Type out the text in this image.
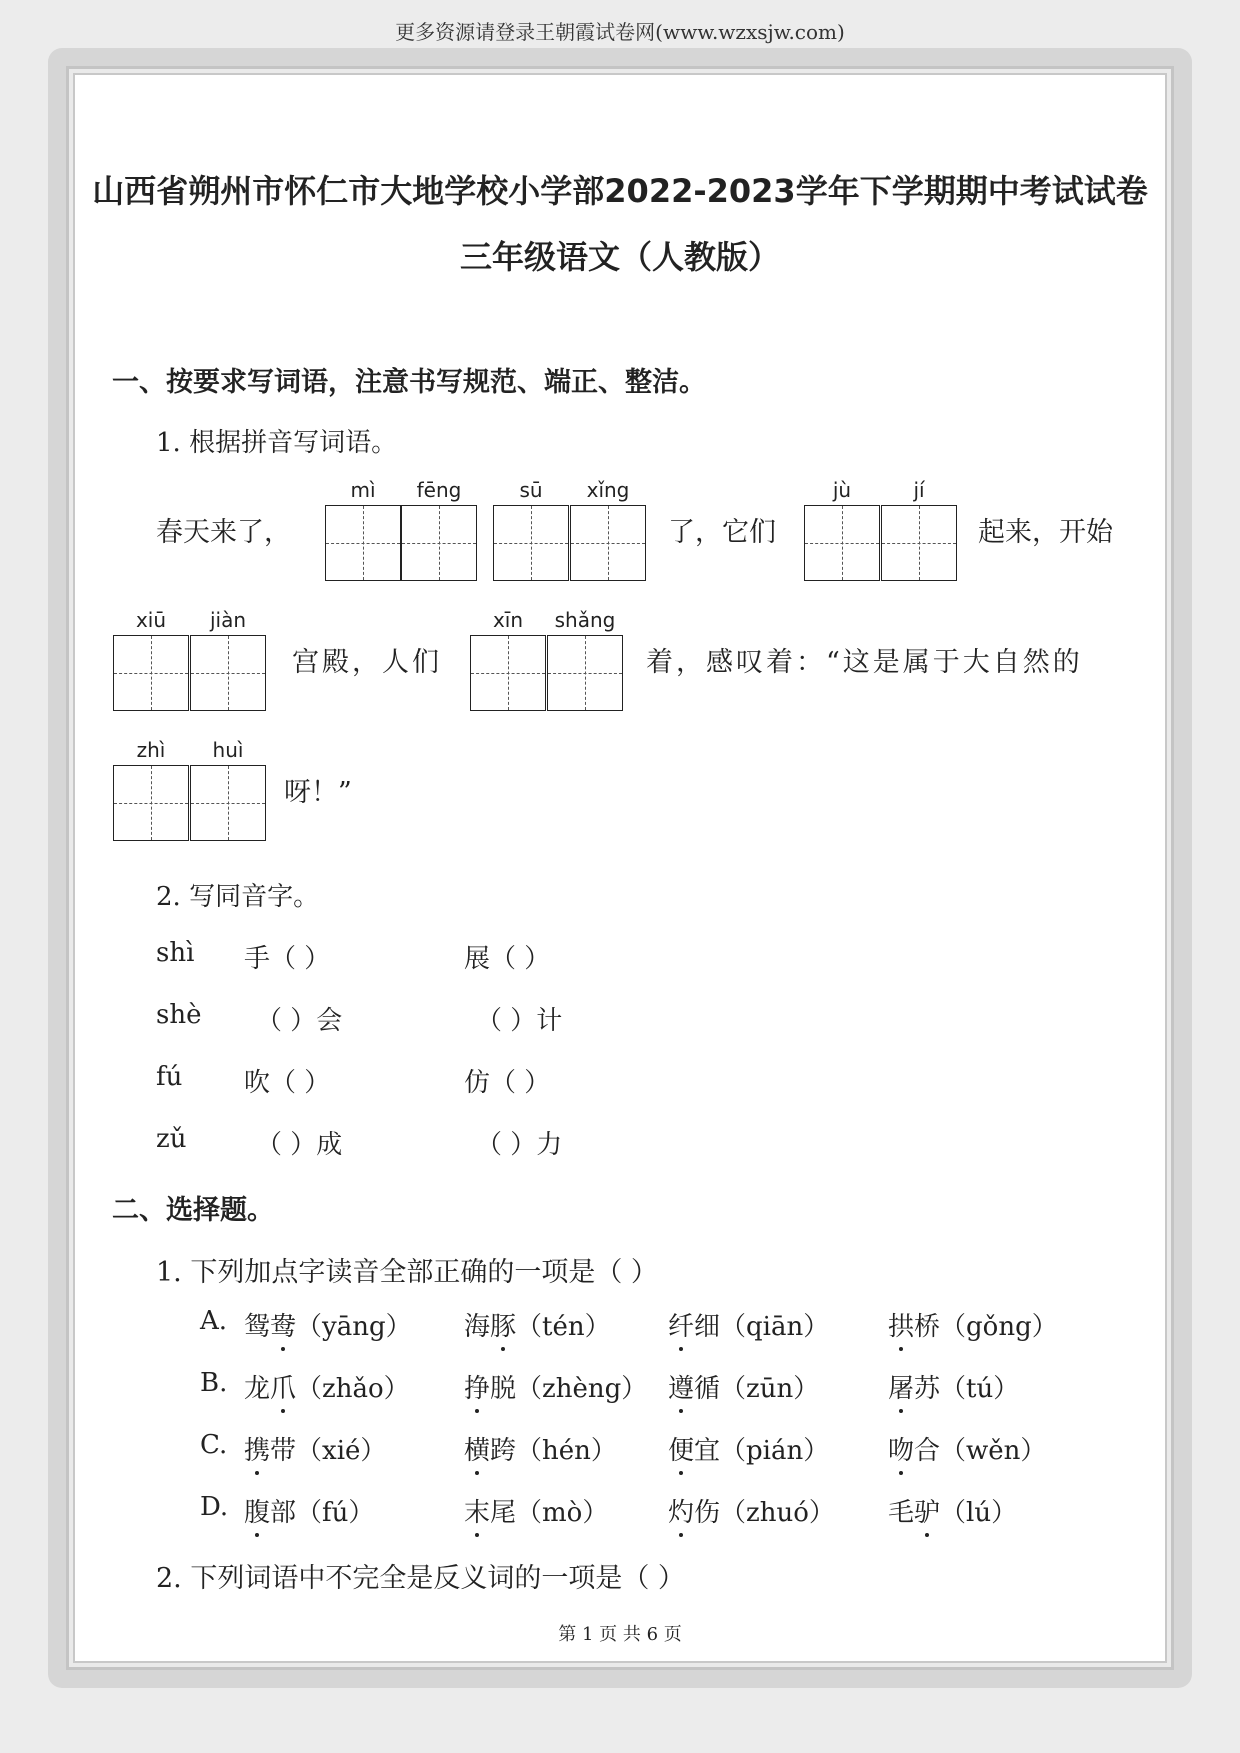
更多资源请登录王朝霞试卷网(www.wzxsjw.com)
山西省朔州市怀仁市大地学校小学部2022-2023学年下学期期中考试试卷
三年级语文（人教版）
一、按要求写词语，注意书写规范、端正、整洁。
1. 根据拼音写词语。
春天来了，
mì	fēng	sū	xǐng
了，它们
jù	jí
起来，开始
xiū	jiàn
宫殿，人们
xīn	shǎng
着，感叹着：“这是属于大自然的
zhì	huì
呀！”
2. 写同音字。
shì 手（ ）	展（ ）
shè （ ）会	（ ）计
fú 吹（ ）	仿（ ）
zǔ	（ ）成	（ ）力
二、选择题。
1. 下列加点字读音全部正确的一项是（ ）
A. 鸳鸯（yāng） 海豚（tén） 纤细（qiān） 拱桥（gǒng）
B. 龙爪（zhǎo） 挣脱（zhèng） 遵循（zūn）	屠苏（tú）
C. 携带（xié）	横跨（hén） 便宜（pián） 吻合（wěn）
D. 腹部（fú）	末尾（mò） 灼伤（zhuó） 毛驴（lú）
2. 下列词语中不完全是反义词的一项是（ ）
第 1 页 共 6 页
